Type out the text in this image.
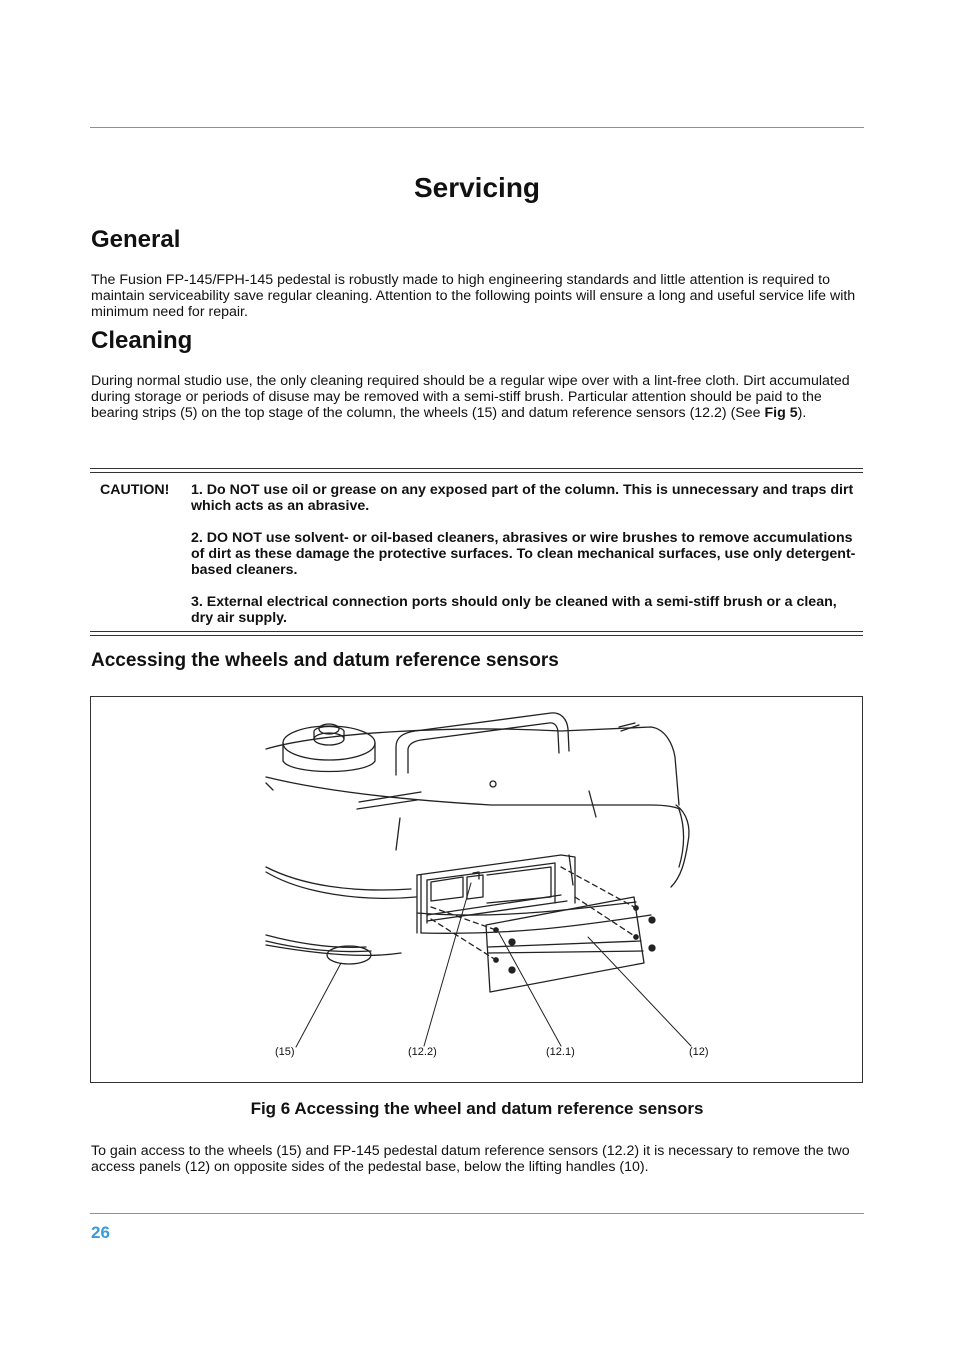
Servicing
General
The Fusion FP-145/FPH-145 pedestal is robustly made to high engineering standards and little attention is required to maintain serviceability save regular cleaning. Attention to the following points will ensure a long and useful service life with minimum need for repair.
Cleaning
During normal studio use, the only cleaning required should be a regular wipe over with a lint-free cloth. Dirt accumulated during storage or periods of disuse may be removed with a semi-stiff brush. Particular attention should be paid to the bearing strips (5) on the top stage of the column, the wheels (15) and datum reference sensors (12.2) (See Fig 5).
CAUTION! 1. Do NOT use oil or grease on any exposed part of the column. This is unnecessary and traps dirt which acts as an abrasive.
2. DO NOT use solvent- or oil-based cleaners, abrasives or wire brushes to remove accumulations of dirt as these damage the protective surfaces. To clean mechanical surfaces, use only detergent-based cleaners.
3. External electrical connection ports should only be cleaned with a semi-stiff brush or a clean, dry air supply.
Accessing the wheels and datum reference sensors
(15)	(12.2)	(12.1)	(12)
Fig 6 Accessing the wheel and datum reference sensors
To gain access to the wheels (15) and FP-145 pedestal datum reference sensors (12.2) it is necessary to remove the two access panels (12) on opposite sides of the pedestal base, below the lifting handles (10).
26
